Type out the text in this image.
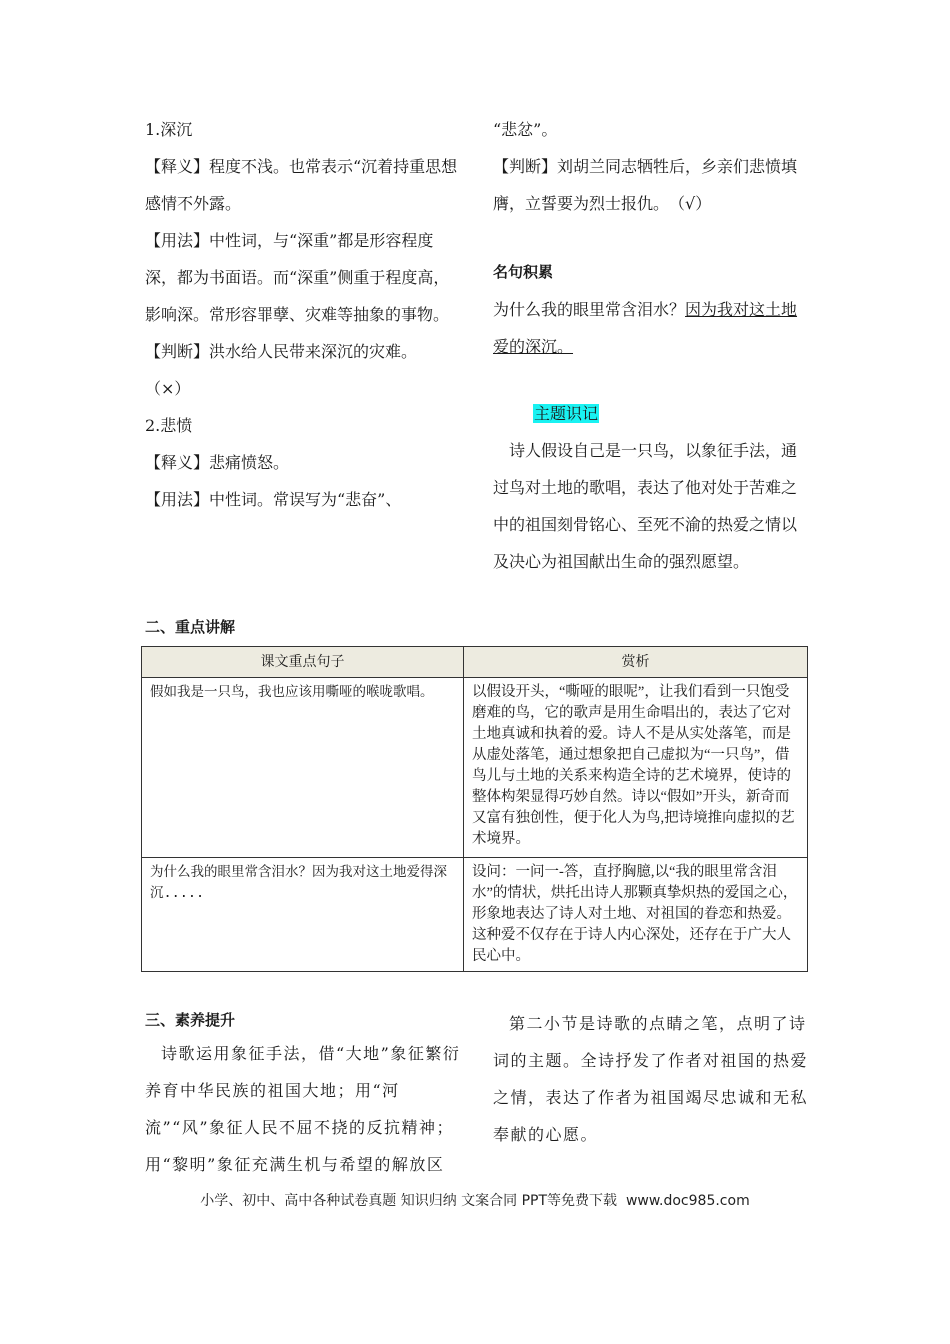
1.深沉

【释义】程度不浅。也常表示“沉着持重思想感情不外露。

【用法】中性词，与“深重”都是形容程度深，都为书面语。而“深重”侧重于程度高，影响深。常形容罪孽、灾难等抽象的事物。

【判断】洪水给人民带来深沉的灾难。

（×）

2.悲愤

【释义】悲痛愤怒。

【用法】中性词。常误写为“悲奋”、

“悲忿”。

【判断】刘胡兰同志牺牲后，乡亲们悲愤填膺，立誓要为烈士报仇。　（√）

名句积累

为什么我的眼里常含泪水？因为我对这土地爱的深沉。

主题识记

诗人假设自己是一只鸟，以象征手法，通过鸟对土地的歌唱，表达了他对处于苦难之中的祖国刻骨铭心、至死不渝的热爱之情以及决心为祖国献出生命的强烈愿望。

二、重点讲解
课文重点句子	赏析
假如我是一只鸟，我也应该用嘶哑的喉咙歌唱。	以假设开头，“嘶哑的眼呢”，让我们看到一只饱受磨难的鸟，它的歌声是用生命唱出的，表达了它对土地真诚和执着的爱。诗人不是从实处落笔，而是从虚处落笔，通过想象把自己虚拟为“一只鸟”，借鸟儿与土地的关系来构造全诗的艺术境界，使诗的整体构架显得巧妙自然。诗以“假如”开头，新奇而又富有独创性，便于化人为鸟,把诗境推向虚拟的艺术境界。
为什么我的眼里常含泪水？因为我对这土地爱得深沉.....	设问：一问一-答，直抒胸臆,以“我的眼里常含泪水”的情状，烘托出诗人那颗真挚炽热的爱国之心，形象地表达了诗人对土地、对祖国的眷恋和热爱。这种爱不仅存在于诗人内心深处，还存在于广大人民心中。

三、素养提升

诗歌运用象征手法，借“大地”象征繁衍养育中华民族的祖国大地；用“河流”“风”象征人民不屈不挠的反抗精神；用“黎明”象征充满生机与希望的解放区

第二小节是诗歌的点睛之笔，点明了诗词的主题。全诗抒发了作者对祖国的热爱之情，表达了作者为祖国竭尽忠诚和无私奉献的心愿。

小学、初中、高中各种试卷真题 知识归纳 文案合同 PPT等免费下载 www.doc985.com
